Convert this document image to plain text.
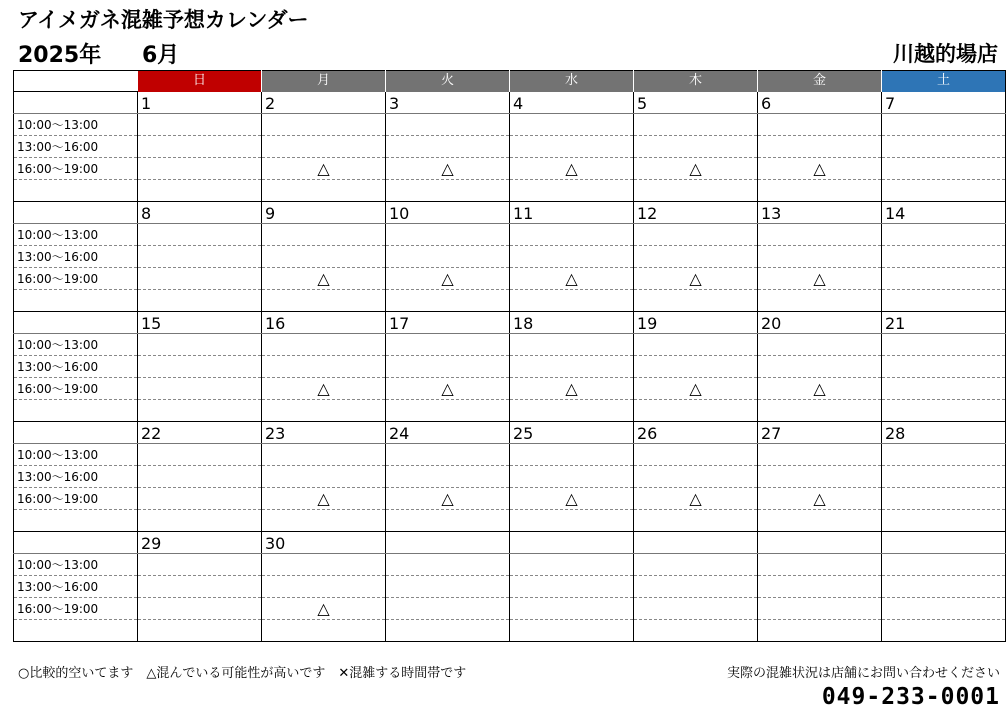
アイメガネ混雑予想カレンダー
2025年 6月	川越的場店
	日	月	火	水	木	金	土
	1	2	3	4	5	6	7
10:00～13:00							
13:00～16:00							
16:00～19:00		△	△	△	△	△	

	8	9	10	11	12	13	14
10:00～13:00							
13:00～16:00							
16:00～19:00		△	△	△	△	△	

	15	16	17	18	19	20	21
10:00～13:00							
13:00～16:00							
16:00～19:00		△	△	△	△	△	

	22	23	24	25	26	27	28
10:00～13:00							
13:00～16:00							
16:00～19:00		△	△	△	△	△	

	29	30					
10:00～13:00							
13:00～16:00							
16:00～19:00		△					

○比較的空いてます　△混んでいる可能性が高いです　✕混雑する時間帯です	実際の混雑状況は店舗にお問い合わせください
049-233-0001
